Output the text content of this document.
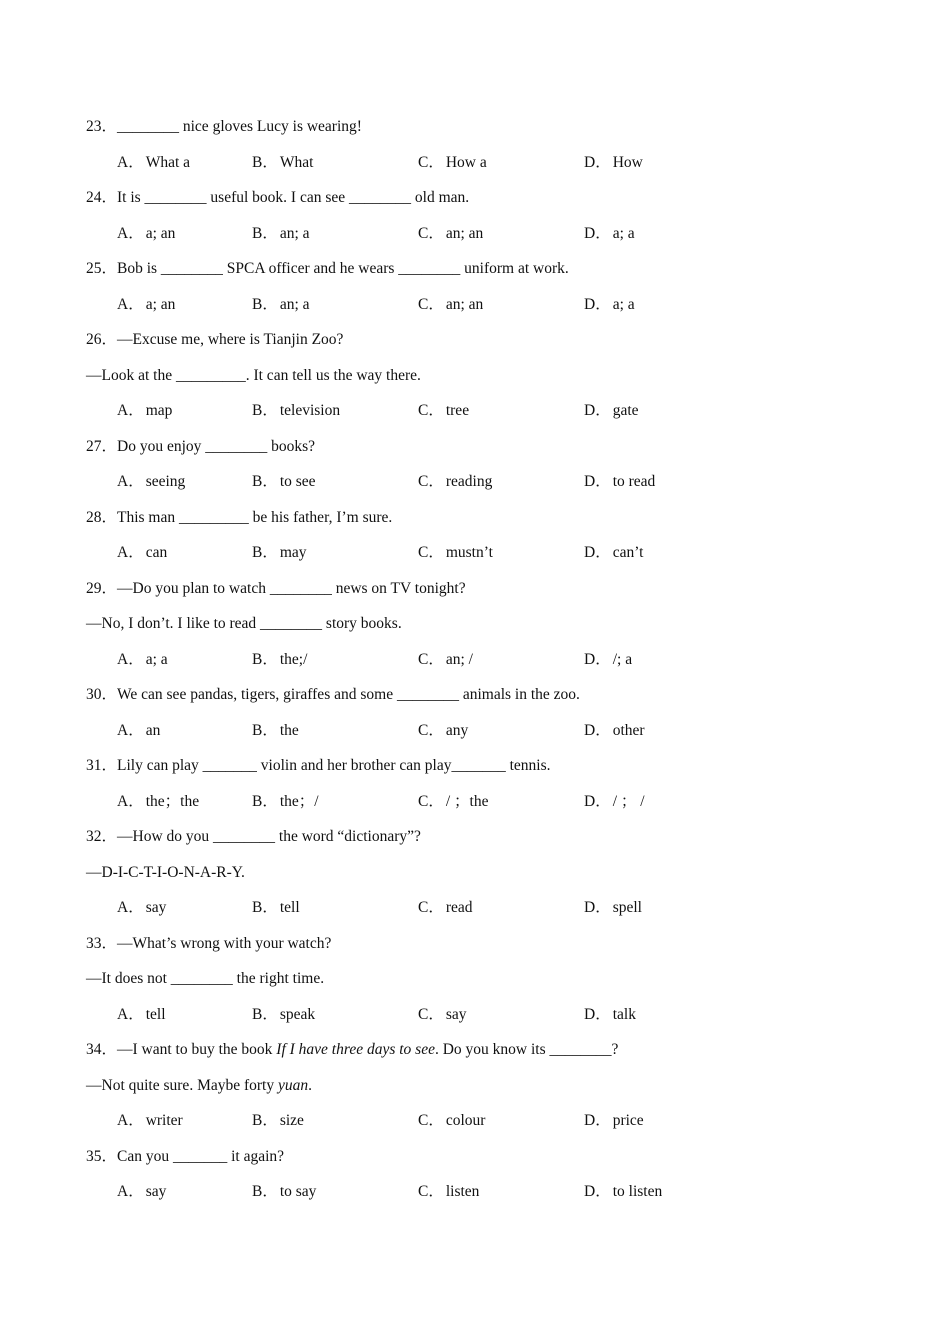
23．________ nice gloves Lucy is wearing!
A． What a	B． What	C． How a	D． How
24．It is ________ useful book. I can see ________ old man.
A． a; an	B． an; a	C． an; an	D． a; a
25．Bob is ________ SPCA officer and he wears ________ uniform at work.
A． a; an	B． an; a	C． an; an	D． a; a
26．—Excuse me, where is Tianjin Zoo?
—Look at the _________. It can tell us the way there.
A． map	B． television	C． tree	D． gate
27．Do you enjoy ________ books?
A． seeing	B． to see	C． reading	D． to read
28．This man _________ be his father, I’m sure.
A． can	B． may	C． mustn’t	D． can’t
29．—Do you plan to watch ________ news on TV tonight?
—No, I don’t. I like to read ________ story books.
A． a; a	B． the;/	C． an; /	D． /; a
30．We can see pandas, tigers, giraffes and some ________ animals in the zoo.
A． an	B． the	C． any	D． other
31．Lily can play _______ violin and her brother can play_______ tennis.
A． the；the	B． the；/	C． / ；the	D． / ； /
32．—How do you ________ the word “dictionary”?
—D-I-C-T-I-O-N-A-R-Y.
A． say	B． tell	C． read	D． spell
33．—What’s wrong with your watch?
—It does not ________ the right time.
A． tell	B． speak	C． say	D． talk
34．—I want to buy the book If I have three days to see. Do you know its ________?
—Not quite sure. Maybe forty yuan.
A． writer	B． size	C． colour	D． price
35．Can you _______ it again?
A． say	B． to say	C． listen	D． to listen
